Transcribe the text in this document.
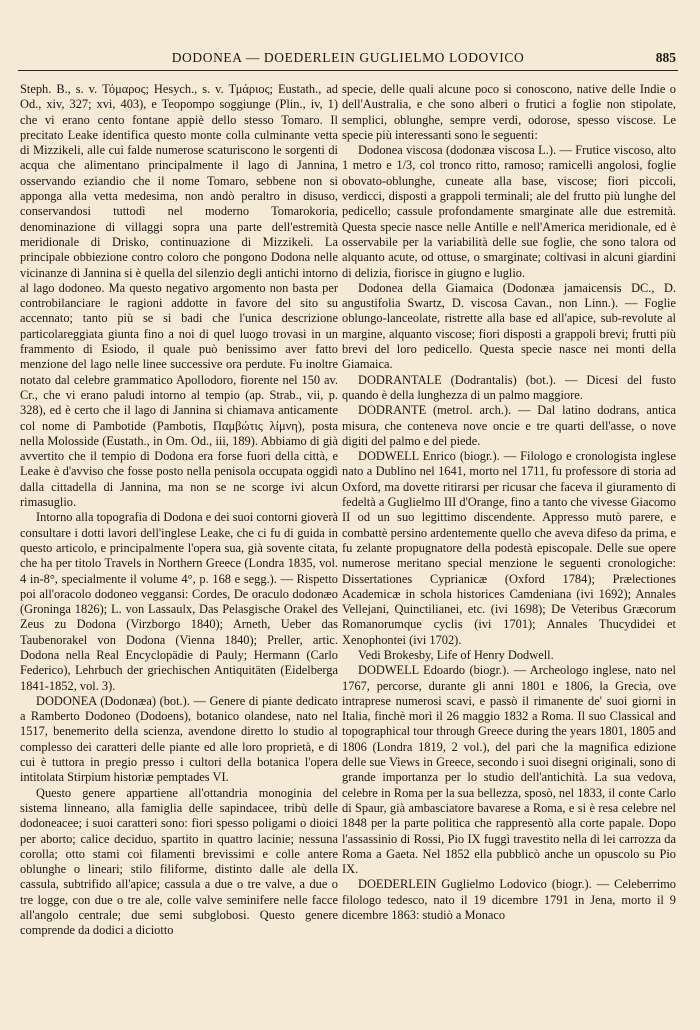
DODONEA — DOEDERLEIN GUGLIELMO LODOVICO	885

Steph. B., s. v. Τόμαρος; Hesych., s. v. Τμάριος; Eustath., ad Od., xiv, 327; xvi, 403), e Teopompo soggiunge (Plin., iv, 1) che vi erano cento fontane appiè dello stesso Tomaro. Il precitato Leake identifica questo monte colla culminante vetta di Mizzikeli, alle cui falde numerose scaturiscono le sorgenti di acqua che alimentano principalmente il lago di Jannina, osservando eziandio che il nome Tomaro, sebbene non si apponga alla vetta medesima, non andò peraltro in disuso, conservandosi tuttodì nel moderno Tomarokoria, denominazione di villaggi sopra una parte dell'estremità meridionale di Drisko, continuazione di Mizzikeli. La principale obbiezione contro coloro che pongono Dodona nelle vicinanze di Jannina si è quella del silenzio degli antichi intorno al lago dodoneo. Ma questo negativo argomento non basta per controbilanciare le ragioni addotte in favore del sito su accennato; tanto più se si badi che l'unica descrizione particolareggiata giunta fino a noi di quel luogo trovasi in un frammento di Esiodo, il quale può benissimo aver fatto menzione del lago nelle linee successive ora perdute. Fu inoltre notato dal celebre grammatico Apollodoro, fiorente nel 150 av. Cr., che vi erano paludi intorno al tempio (ap. Strab., vii, p. 328), ed è certo che il lago di Jannina si chiamava anticamente col nome di Pambotide (Pambotis, Παμβώτις λίμνη), posta nella Molosside (Eustath., in Om. Od., iii, 189). Abbiamo di già avvertito che il tempio di Dodona era forse fuori della città, e Leake è d'avviso che fosse posto nella penisola occupata oggidì dalla cittadella di Jannina, ma non se ne scorge ivi alcun rimasuglio.

Intorno alla topografia di Dodona e dei suoi contorni gioverà consultare i dotti lavori dell'inglese Leake, che ci fu di guida in questo articolo, e principalmente l'opera sua, già sovente citata, che ha per titolo Travels in Northern Greece (Londra 1835, vol. 4 in-8°, specialmente il volume 4°, p. 168 e segg.). — Rispetto poi all'oracolo dodoneo veggansi: Cordes, De oraculo dodonæo (Groninga 1826); L. von Lassaulx, Das Pelasgische Orakel des Zeus zu Dodona (Virzborgo 1840); Arneth, Ueber das Taubenorakel von Dodona (Vienna 1840); Preller, artic. Dodona nella Real Encyclopädie di Pauly; Hermann (Carlo Federico), Lehrbuch der griechischen Antiquitäten (Eidelberga 1841-1852, vol. 3).

DODONEA (Dodonæa) (bot.). — Genere di piante dedicato a Ramberto Dodoneo (Dodoens), botanico olandese, nato nel 1517, benemerito della scienza, avendone diretto lo studio al complesso dei caratteri delle piante ed alle loro proprietà, e di cui è tuttora in pregio presso i cultori della botanica l'opera intitolata Stirpium historiæ pemptades VI.

Questo genere appartiene all'ottandria monoginia del sistema linneano, alla famiglia delle sapindacee, tribù delle dodoneacee; i suoi caratteri sono: fiori spesso poligami o dioici per aborto; calice deciduo, spartito in quattro lacinie; nessuna corolla; otto stami coi filamenti brevissimi e colle antere oblunghe o lineari; stilo filiforme, distinto dalle ale della cassula, subtrifido all'apice; cassula a due o tre valve, a due o tre logge, con due o tre ale, colle valve seminifere nelle facce all'angolo centrale; due semi subglobosi. Questo genere comprende da dodici a diciotto

specie, delle quali alcune poco si conoscono, native delle Indie o dell'Australia, e che sono alberi o frutici a foglie non stipolate, semplici, oblunghe, sempre verdi, odorose, spesso viscose. Le specie più interessanti sono le seguenti:

Dodonea viscosa (dodonæa viscosa L.). — Frutice viscoso, alto 1 metro e 1/3, col tronco ritto, ramoso; ramicelli angolosi, foglie obovato-oblunghe, cuneate alla base, viscose; fiori piccoli, verdicci, disposti a grappoli terminali; ale del frutto più lunghe del pedicello; cassule profondamente smarginate alle due estremità. Questa specie nasce nelle Antille e nell'America meridionale, ed è osservabile per la variabilità delle sue foglie, che sono talora od alquanto acute, od ottuse, o smarginate; coltivasi in alcuni giardini di delizia, fiorisce in giugno e luglio.

Dodonea della Giamaica (Dodonæa jamaicensis DC., D. angustifolia Swartz, D. viscosa Cavan., non Linn.). — Foglie oblungo-lanceolate, ristrette alla base ed all'apice, sub-revolute al margine, alquanto viscose; fiori disposti a grappoli brevi; frutti più brevi del loro pedicello. Questa specie nasce nei monti della Giamaica.

DODRANTALE (Dodrantalis) (bot.). — Dicesi del fusto quando è della lunghezza di un palmo maggiore.

DODRANTE (metrol. arch.). — Dal latino dodrans, antica misura, che conteneva nove oncie e tre quarti dell'asse, o nove digiti del palmo e del piede.

DODWELL Enrico (biogr.). — Filologo e cronologista inglese nato a Dublino nel 1641, morto nel 1711, fu professore di storia ad Oxford, ma dovette ritirarsi per ricusar che faceva il giuramento di fedeltà a Guglielmo III d'Orange, fino a tanto che vivesse Giacomo II od un suo legittimo discendente. Appresso mutò parere, e combattè persino ardentemente quello che aveva difeso da prima, e fu zelante propugnatore della podestà episcopale. Delle sue opere numerose meritano special menzione le seguenti cronologiche: Dissertationes Cyprianicæ (Oxford 1784); Prælectiones Academicæ in schola historices Camdeniana (ivi 1692); Annales Vellejani, Quinctilianei, etc. (ivi 1698); De Veteribus Græcorum Romanorumque cyclis (ivi 1701); Annales Thucydidei et Xenophontei (ivi 1702).

Vedi Brokesby, Life of Henry Dodwell.

DODWELL Edoardo (biogr.). — Archeologo inglese, nato nel 1767, percorse, durante gli anni 1801 e 1806, la Grecia, ove intraprese numerosi scavi, e passò il rimanente de' suoi giorni in Italia, finchè morì il 26 maggio 1832 a Roma. Il suo Classical and topographical tour through Greece during the years 1801, 1805 and 1806 (Londra 1819, 2 vol.), del pari che la magnifica edizione delle sue Views in Greece, secondo i suoi disegni originali, sono di grande importanza per lo studio dell'antichità. La sua vedova, celebre in Roma per la sua bellezza, sposò, nel 1833, il conte Carlo di Spaur, già ambasciatore bavarese a Roma, e si è resa celebre nel 1848 per la parte politica che rappresentò alla corte papale. Dopo l'assassinio di Rossi, Pio IX fuggì travestito nella di lei carrozza da Roma a Gaeta. Nel 1852 ella pubblicò anche un opuscolo su Pio IX.

DOEDERLEIN Guglielmo Lodovico (biogr.). — Celeberrimo filologo tedesco, nato il 19 dicembre 1791 in Jena, morto il 9 dicembre 1863: studiò a Monaco
